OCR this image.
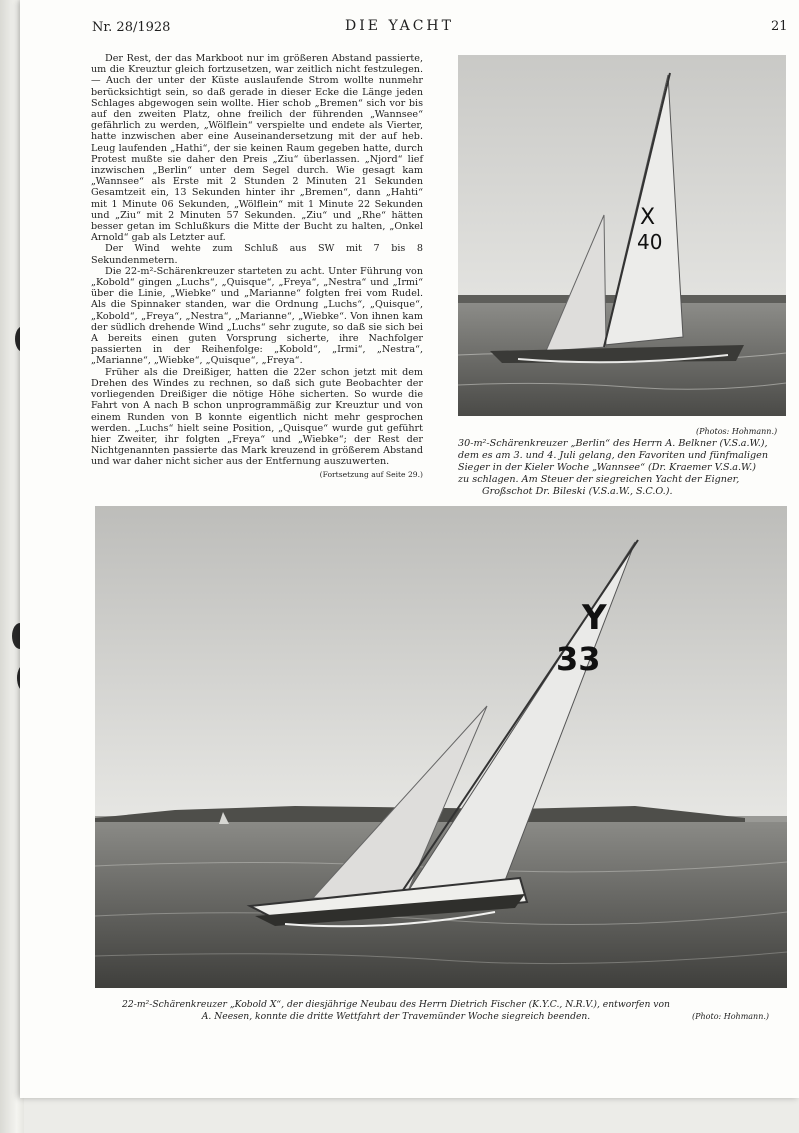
Nr. 28/1928	DIE YACHT	21

Der Rest, der das Markboot nur im größeren Abstand passierte, um die Kreuztur gleich fortzusetzen, war zeitlich nicht festzulegen. — Auch der unter der Küste auslaufende Strom wollte nunmehr berücksichtigt sein, so daß gerade in dieser Ecke die Länge jeden Schlages abgewogen sein wollte. Hier schob „Bremen“ sich vor bis auf den zweiten Platz, ohne freilich der führenden „Wannsee“ gefährlich zu werden, „Wölflein“ verspielte und endete als Vierter, hatte inzwischen aber eine Auseinandersetzung mit der auf heb. Leug laufenden „Hathi“, der sie keinen Raum gegeben hatte, durch Protest mußte sie daher den Preis „Ziu“ überlassen. „Njord“ lief inzwischen „Berlin“ unter dem Segel durch. Wie gesagt kam „Wannsee“ als Erste mit 2 Stunden 2 Minuten 21 Sekunden Gesamtzeit ein, 13 Sekunden hinter ihr „Bremen“, dann „Hahti“ mit 1 Minute 06 Sekunden, „Wölflein“ mit 1 Minute 22 Sekunden und „Ziu“ mit 2 Minuten 57 Sekunden. „Ziu“ und „Rhe“ hätten besser getan im Schlußkurs die Mitte der Bucht zu halten, „Onkel Arnold“ gab als Letzter auf.

Der Wind wehte zum Schluß aus SW mit 7 bis 8 Sekundenmetern.

Die 22-m²-Schärenkreuzer starteten zu acht. Unter Führung von „Kobold“ gingen „Luchs“, „Quisque“, „Freya“, „Nestra“ und „Irmi“ über die Linie, „Wiebke“ und „Marianne“ folgten frei vom Rudel. Als die Spinnaker standen, war die Ordnung „Luchs“, „Quisque“, „Kobold“, „Freya“, „Nestra“, „Marianne“, „Wiebke“. Von ihnen kam der südlich drehende Wind „Luchs“ sehr zugute, so daß sie sich bei A bereits einen guten Vorsprung sicherte, ihre Nachfolger passierten in der Reihenfolge: „Kobold“, „Irmi“, „Nestra“, „Marianne“, „Wiebke“, „Quisque“, „Freya“.

Früher als die Dreißiger, hatten die 22er schon jetzt mit dem Drehen des Windes zu rechnen, so daß sich gute Beobachter der vorliegenden Dreißiger die nötige Höhe sicherten. So wurde die Fahrt von A nach B schon unprogrammäßig zur Kreuztur und von einem Runden von B konnte eigentlich nicht mehr gesprochen werden. „Luchs“ hielt seine Position, „Quisque“ wurde gut geführt hier Zweiter, ihr folgten „Freya“ und „Wiebke“; der Rest der Nichtgenannten passierte das Mark kreuzend in größerem Abstand und war daher nicht sicher aus der Entfernung auszuwerten.

(Fortsetzung auf Seite 29.)
X
40
(Photos: Hohmann.)
30-m²-Schärenkreuzer „Berlin“ des Herrn A. Belkner (V.S.a.W.),
dem es am 3. und 4. Juli gelang, den Favoriten und fünfmaligen
Sieger in der Kieler Woche „Wannsee“ (Dr. Kraemer V.S.a.W.)
zu schlagen. Am Steuer der siegreichen Yacht der Eigner,
Großschot Dr. Bileski (V.S.a.W., S.C.O.).
Y
33
22-m²-Schärenkreuzer „Kobold X“, der diesjährige Neubau des Herrn Dietrich Fischer (K.Y.C., N.R.V.), entworfen von
A. Neesen, konnte die dritte Wettfahrt der Travemünder Woche siegreich beenden.	(Photo: Hohmann.)
